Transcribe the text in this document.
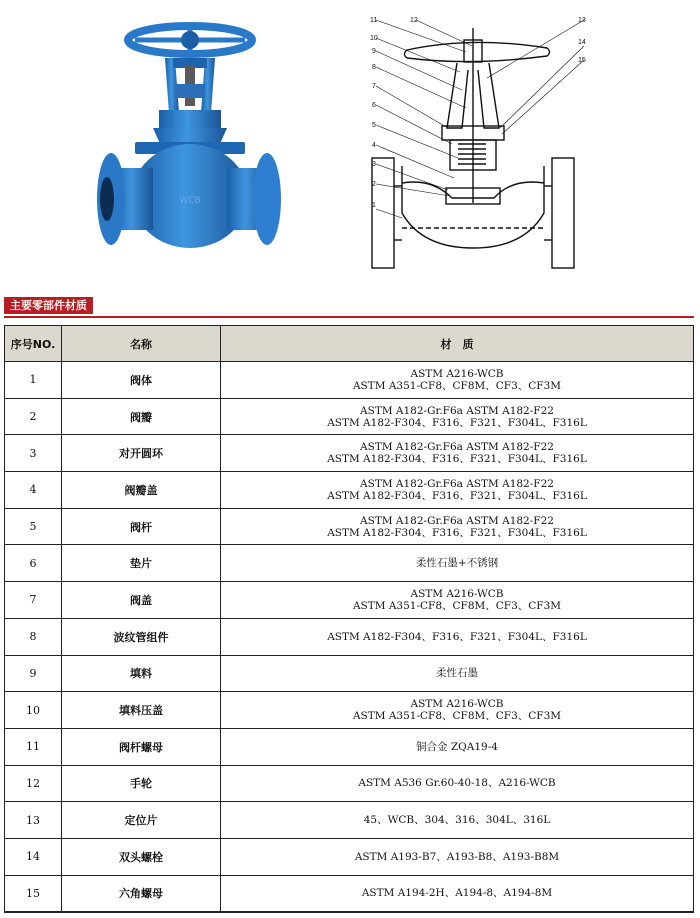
WCB	1
2
3
4
5
6
7
8
9
10
11	12	13
14
15
主要零部件材质
序号NO.	名称	材　质
1	阀体	ASTM A216-WCB
ASTM A351-CF8、CF8M、CF3、CF3M

2	阀瓣	ASTM A182-Gr.F6a ASTM A182-F22
ASTM A182-F304、F316、F321、F304L、F316L

3	对开圆环	ASTM A182-Gr.F6a ASTM A182-F22
ASTM A182-F304、F316、F321、F304L、F316L

4	阀瓣盖	ASTM A182-Gr.F6a ASTM A182-F22
ASTM A182-F304、F316、F321、F304L、F316L

5	阀杆	ASTM A182-Gr.F6a ASTM A182-F22
ASTM A182-F304、F316、F321、F304L、F316L

6	垫片	柔性石墨+不锈钢

7	阀盖	ASTM A216-WCB
ASTM A351-CF8、CF8M、CF3、CF3M

8	波纹管组件	ASTM A182-F304、F316、F321、F304L、F316L

9	填料	柔性石墨

10	填料压盖	ASTM A216-WCB
ASTM A351-CF8、CF8M、CF3、CF3M

11	阀杆螺母	铜合金 ZQA19-4

12	手轮	ASTM A536 Gr.60-40-18、A216-WCB

13	定位片	45、WCB、304、316、304L、316L

14	双头螺栓	ASTM A193-B7、A193-B8、A193-B8M

15	六角螺母	ASTM A194-2H、A194-8、A194-8M
